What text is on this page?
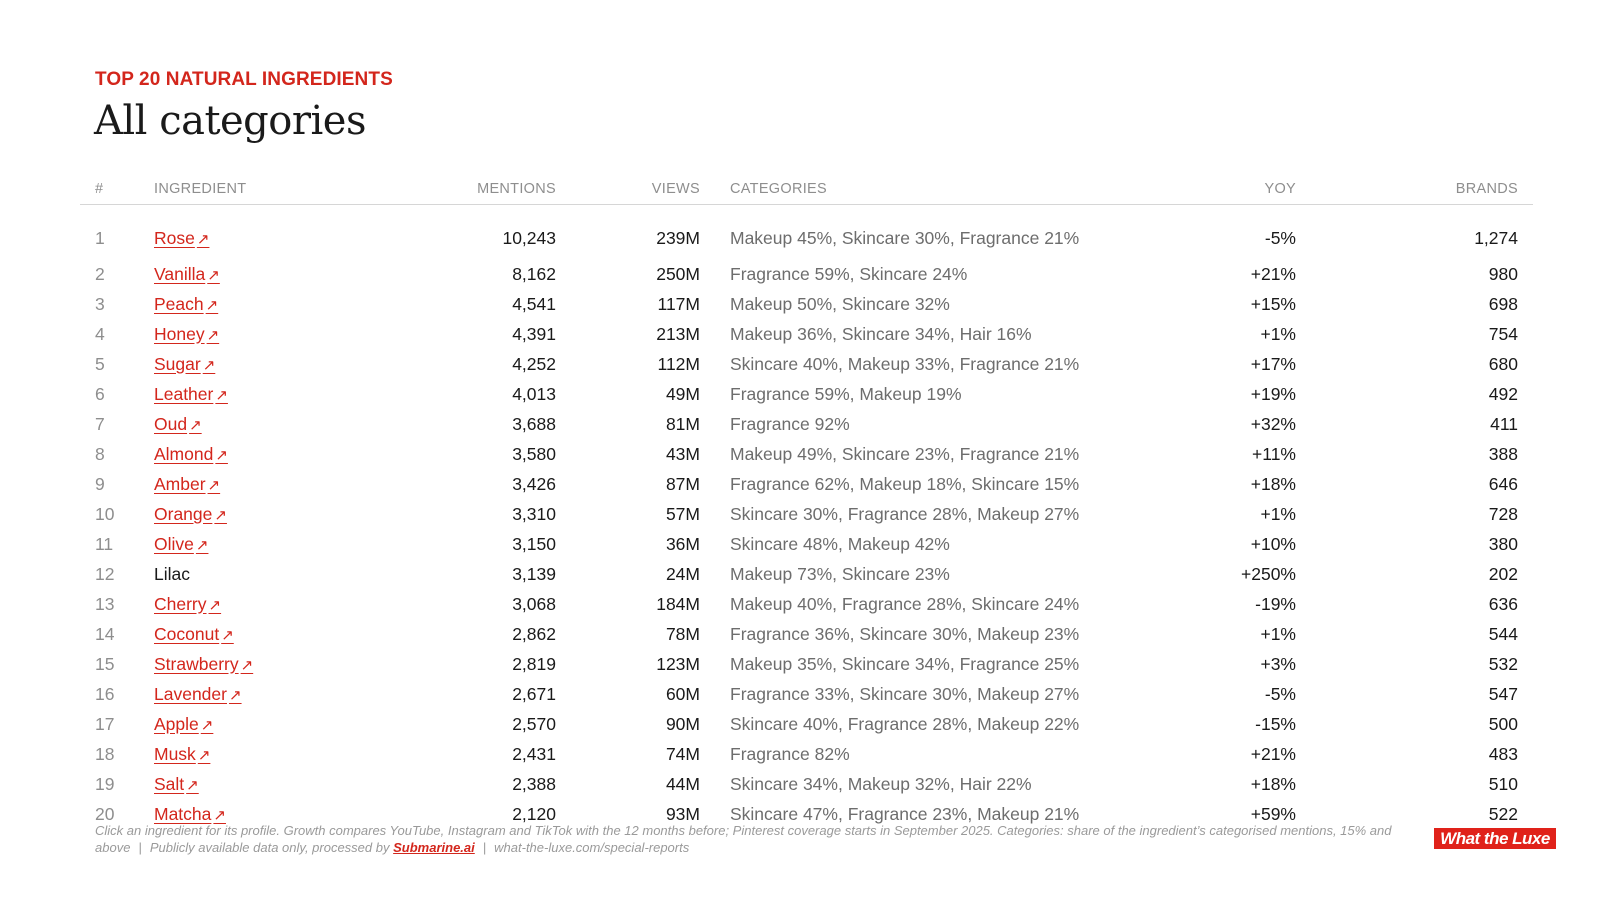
TOP 20 NATURAL INGREDIENTS
All categories
#	INGREDIENT	MENTIONS	VIEWS	CATEGORIES	YOY	BRANDS
1	Rose ↗	10,243	239M	Makeup 45%, Skincare 30%, Fragrance 21%	-5%	1,274
2	Vanilla ↗	8,162	250M	Fragrance 59%, Skincare 24%	+21%	980
3	Peach ↗	4,541	117M	Makeup 50%, Skincare 32%	+15%	698
4	Honey ↗	4,391	213M	Makeup 36%, Skincare 34%, Hair 16%	+1%	754
5	Sugar ↗	4,252	112M	Skincare 40%, Makeup 33%, Fragrance 21%	+17%	680
6	Leather ↗	4,013	49M	Fragrance 59%, Makeup 19%	+19%	492
7	Oud ↗	3,688	81M	Fragrance 92%	+32%	411
8	Almond ↗	3,580	43M	Makeup 49%, Skincare 23%, Fragrance 21%	+11%	388
9	Amber ↗	3,426	87M	Fragrance 62%, Makeup 18%, Skincare 15%	+18%	646
10	Orange ↗	3,310	57M	Skincare 30%, Fragrance 28%, Makeup 27%	+1%	728
11	Olive ↗	3,150	36M	Skincare 48%, Makeup 42%	+10%	380
12	Lilac	3,139	24M	Makeup 73%, Skincare 23%	+250%	202
13	Cherry ↗	3,068	184M	Makeup 40%, Fragrance 28%, Skincare 24%	-19%	636
14	Coconut ↗	2,862	78M	Fragrance 36%, Skincare 30%, Makeup 23%	+1%	544
15	Strawberry ↗	2,819	123M	Makeup 35%, Skincare 34%, Fragrance 25%	+3%	532
16	Lavender ↗	2,671	60M	Fragrance 33%, Skincare 30%, Makeup 27%	-5%	547
17	Apple ↗	2,570	90M	Skincare 40%, Fragrance 28%, Makeup 22%	-15%	500
18	Musk ↗	2,431	74M	Fragrance 82%	+21%	483
19	Salt ↗	2,388	44M	Skincare 34%, Makeup 32%, Hair 22%	+18%	510
20	Matcha ↗	2,120	93M	Skincare 47%, Fragrance 23%, Makeup 21%	+59%	522
Click an ingredient for its profile. Growth compares YouTube, Instagram and TikTok with the 12 months before; Pinterest coverage starts in September 2025. Categories: share of the ingredient’s categorised mentions, 15% and above | Publicly available data only, processed by Submarine.ai | what-the-luxe.com/special-reports	What the Luxe
